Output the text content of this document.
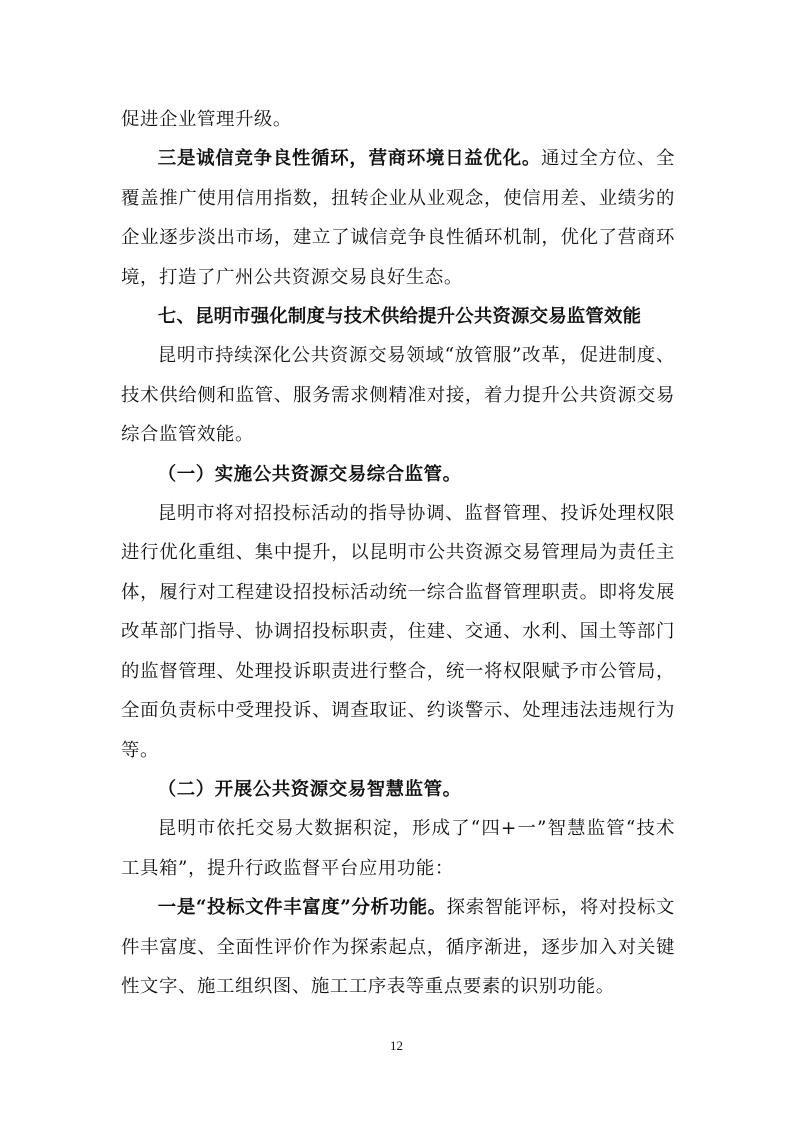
促进企业管理升级。

三是诚信竞争良性循环，营商环境日益优化。通过全方位、全覆盖推广使用信用指数，扭转企业从业观念，使信用差、业绩劣的企业逐步淡出市场，建立了诚信竞争良性循环机制，优化了营商环境，打造了广州公共资源交易良好生态。

七、昆明市强化制度与技术供给提升公共资源交易监管效能

昆明市持续深化公共资源交易领域“放管服”改革，促进制度、技术供给侧和监管、服务需求侧精准对接，着力提升公共资源交易综合监管效能。

（一）实施公共资源交易综合监管。

昆明市将对招投标活动的指导协调、监督管理、投诉处理权限进行优化重组、集中提升，以昆明市公共资源交易管理局为责任主体，履行对工程建设招投标活动统一综合监督管理职责。即将发展改革部门指导、协调招投标职责，住建、交通、水利、国土等部门的监督管理、处理投诉职责进行整合，统一将权限赋予市公管局，全面负责标中受理投诉、调查取证、约谈警示、处理违法违规行为等。

（二）开展公共资源交易智慧监管。

昆明市依托交易大数据积淀，形成了“四+一”智慧监管“技术工具箱”，提升行政监督平台应用功能：

一是“投标文件丰富度”分析功能。探索智能评标，将对投标文件丰富度、全面性评价作为探索起点，循序渐进，逐步加入对关键性文字、施工组织图、施工工序表等重点要素的识别功能。

12
